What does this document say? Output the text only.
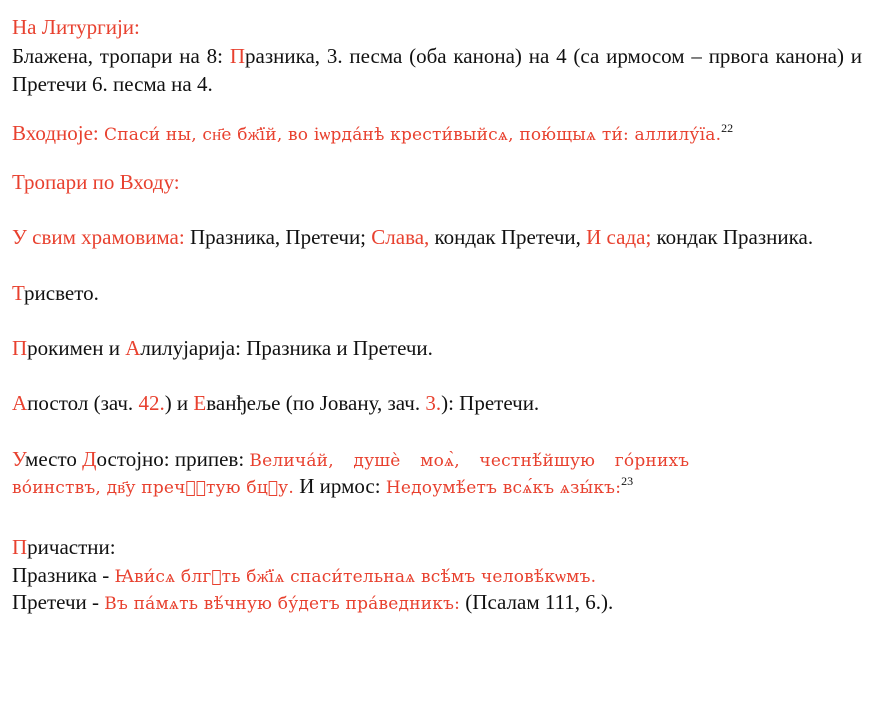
На Литургији:

Блажена, тропари на 8: Празника, 3. песма (оба канона) на 4 (са ирмосом – првога канона) и Претечи 6. песма на 4.

Входноје: Спаси́ ны, сн҃е бж҃їй, во іѡрда́нѣ крести́выйсѧ, пою́щыѧ ти́: аллилу́їа.$^{22}$

Тропари по Входу:

У свим храмовима: Празника, Претечи; Слава, кондак Претечи, И сада; кондак Празника.

Трисвето.

Прокимен и Алилујарија: Празника и Претечи.

Апостол (зач. 42.) и Еванђеље (по Јовану, зач. 3.): Претечи.

Уместо Достојно: припев: Велича́й, душѐ моѧ̀, честнѣ́йшую го́рнихъ
во́инствъ, дв҃у пречⷭ҇тую бцⷣу. И ирмос: Недоумѣ́етъ всѧ́къ ѧзы́къ:$^{23}$
Причастни:
Празника - Ꙗви́сѧ блгⷣть бж҃їѧ спаси́тельнаѧ всѣ́мъ человѣ́кѡмъ.
Претечи - Въ па́мѧть вѣ́чную бу́детъ пра́ведникъ: (Псалам 111, 6.).
